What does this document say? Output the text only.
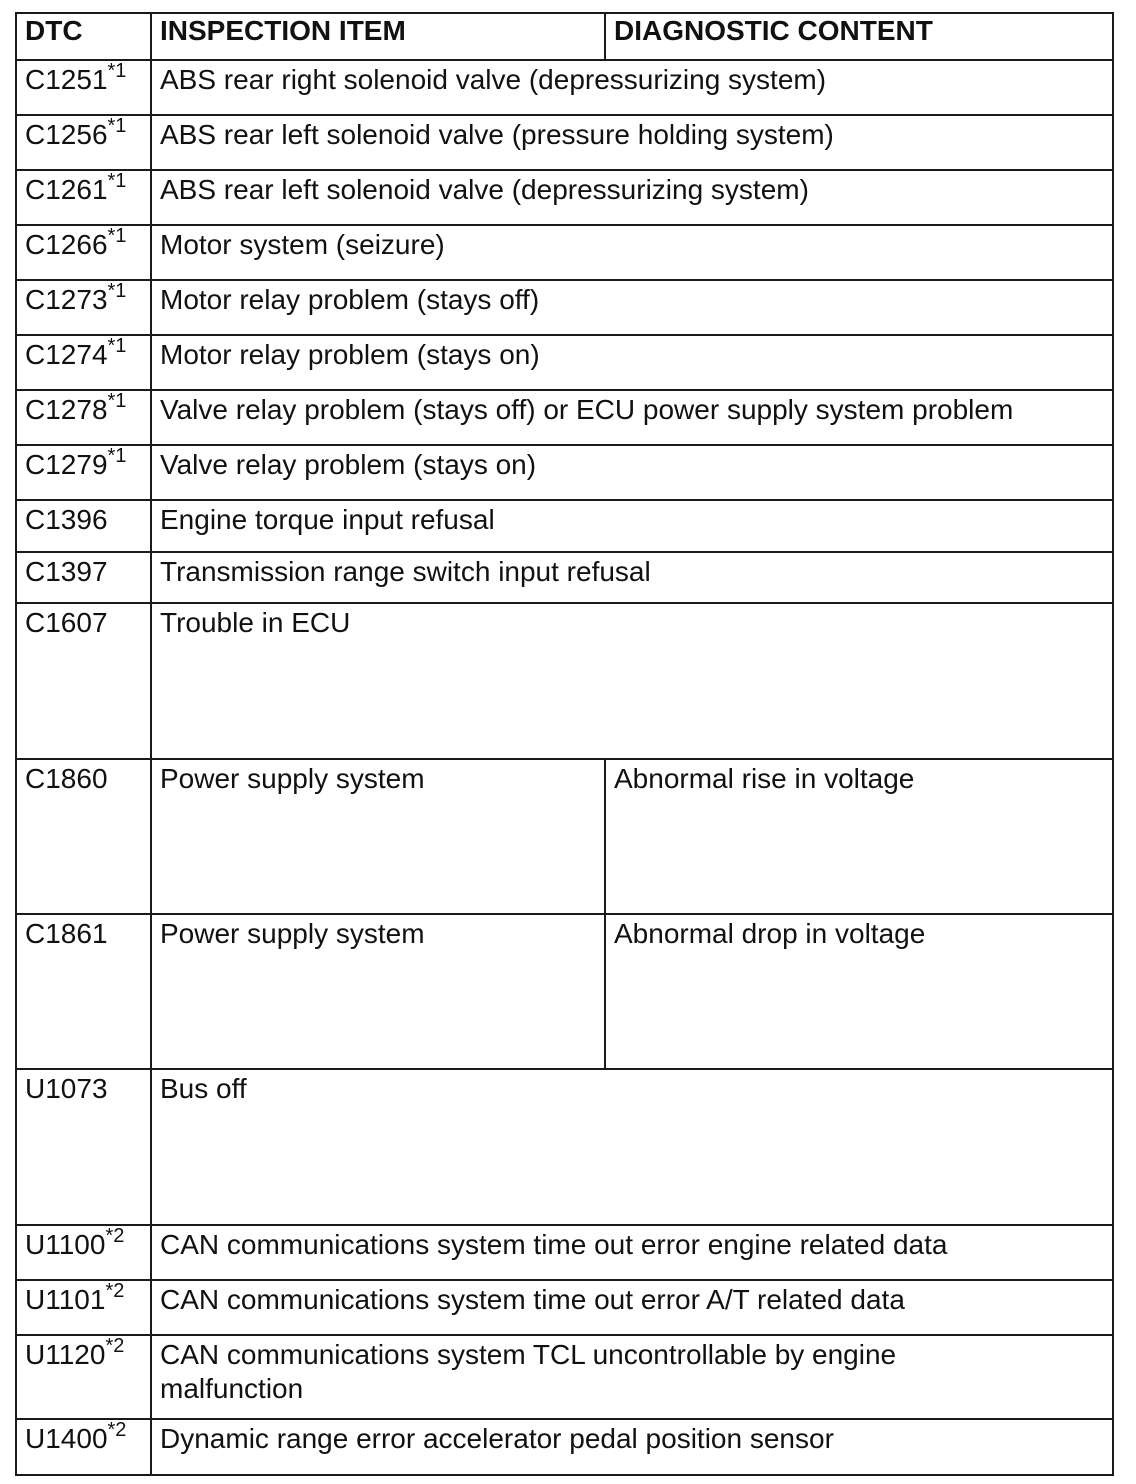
DTC	INSPECTION ITEM	DIAGNOSTIC CONTENT
C1251$^{*1}$	ABS rear right solenoid valve (depressurizing system)	
C1256$^{*1}$	ABS rear left solenoid valve (pressure holding system)	
C1261$^{*1}$	ABS rear left solenoid valve (depressurizing system)	
C1266$^{*1}$	Motor system (seizure)	
C1273$^{*1}$	Motor relay problem (stays off)	
C1274$^{*1}$	Motor relay problem (stays on)	
C1278$^{*1}$	Valve relay problem (stays off) or ECU power supply system problem	
C1279$^{*1}$	Valve relay problem (stays on)	
C1396	Engine torque input refusal	
C1397	Transmission range switch input refusal	
C1607	Trouble in ECU	
C1860	Power supply system	Abnormal rise in voltage
C1861	Power supply system	Abnormal drop in voltage
U1073	Bus off	
U1100$^{*2}$	CAN communications system time out error engine related data	
U1101$^{*2}$	CAN communications system time out error A/T related data	
U1120$^{*2}$	CAN communications system TCL uncontrollable by engine malfunction	
U1400$^{*2}$	Dynamic range error accelerator pedal position sensor	
